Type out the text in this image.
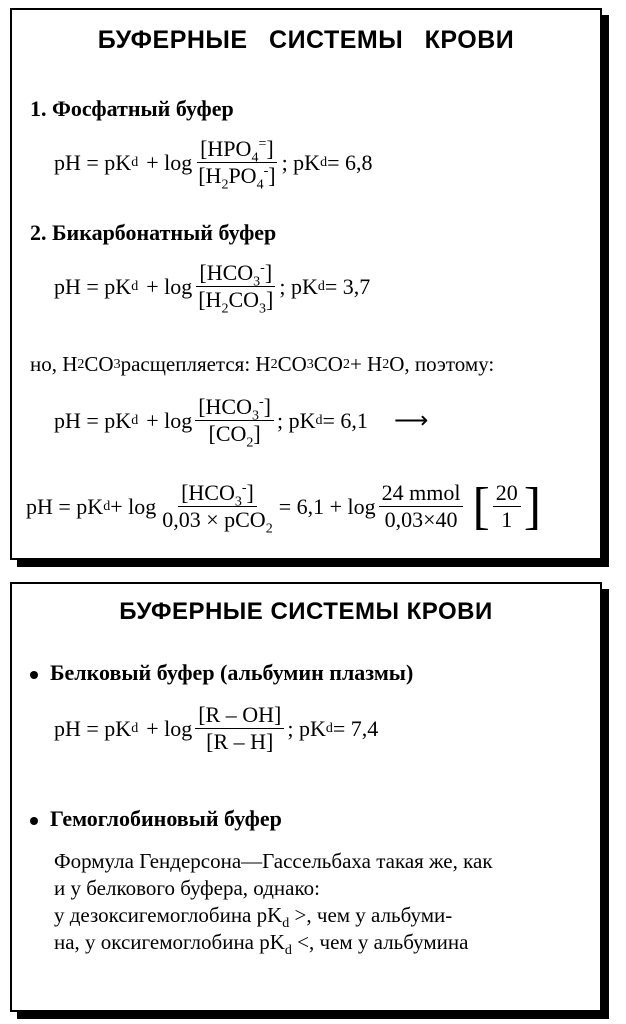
БУФЕРНЫЕ СИСТЕМЫ КРОВИ
1. Фосфатный буфер
pH = pK $d + \log \frac{[HPO_4^=]}{[H_2PO_4^-]}$ ; pK d = 6,8
2. Бикарбонатный буфер
pH = pK $d + \log \frac{[HCO_3^-]}{[H_2CO_3]}$ ; pK d = 3,7
но, H 2 CO 3 расщепляется: H 2 CO 3 CO 2 + H 2 O, поэтому:
pH = pK $d + \log \frac{[HCO_3^-]}{[CO_2]}$ ; pK d = 6,1 ⟶
pH = pK $d + \log \frac{[HCO_3^-]}{0,03 \times pCO_2} = 6,1 + \log \frac{\text{24 mmol}}{0,03\times 40}$ [ $\frac{20}{1}$ ]
БУФЕРНЫЕ СИСТЕМЫ КРОВИ
Белковый буфер (альбумин плазмы)
pH = pK $d + \log \frac{[R - OH]}{[R - H]}$ ; pK d = 7,4
Гемоглобиновый буфер
Формула Гендерсона—Гассельбаха такая же, как
и у белкового буфера, однако:
у дезоксигемоглобина $pK_d$ >, чем у альбуми-
на, у оксигемоглобина $pK_d$ <, чем у альбумина
